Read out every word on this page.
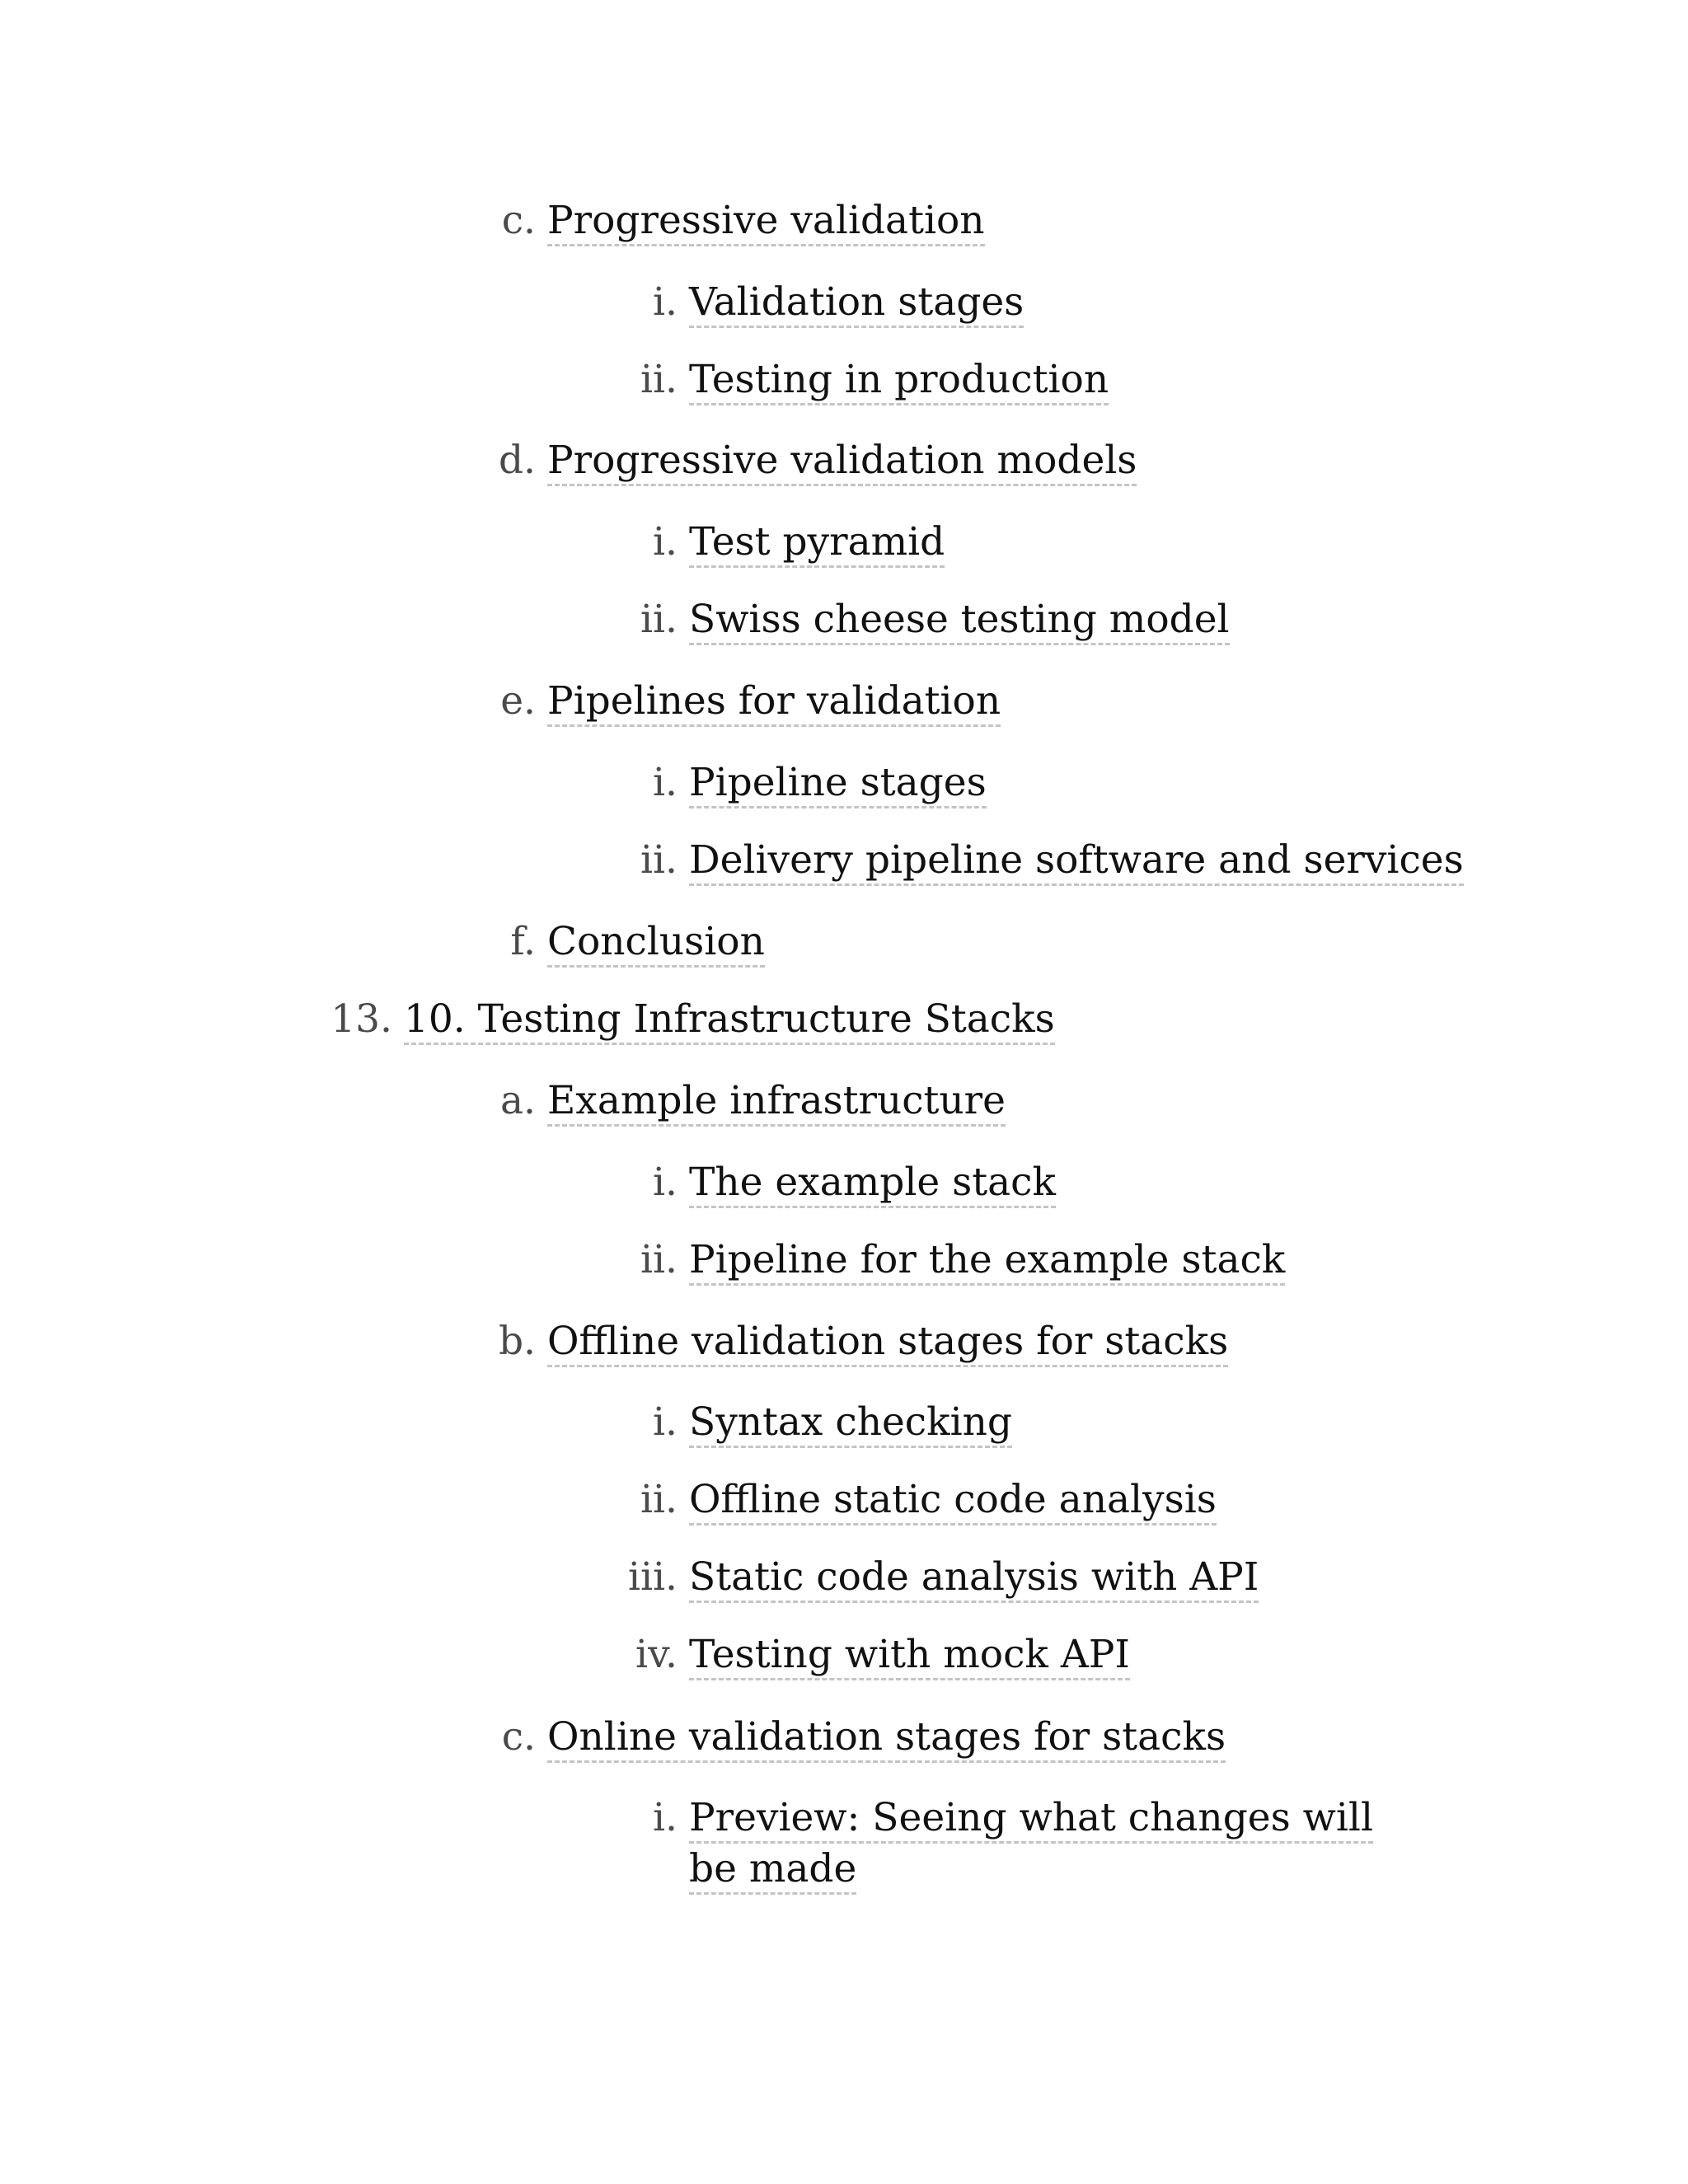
c. Progressive validation
i. Validation stages
ii. Testing in production
d. Progressive validation models
i. Test pyramid
ii. Swiss cheese testing model
e. Pipelines for validation
i. Pipeline stages
ii. Delivery pipeline software and services
f. Conclusion
13. 10. Testing Infrastructure Stacks
a. Example infrastructure
i. The example stack
ii. Pipeline for the example stack
b. Offline validation stages for stacks
i. Syntax checking
ii. Offline static code analysis
iii. Static code analysis with API
iv. Testing with mock API
c. Online validation stages for stacks
i. Preview: Seeing what changes will be made
